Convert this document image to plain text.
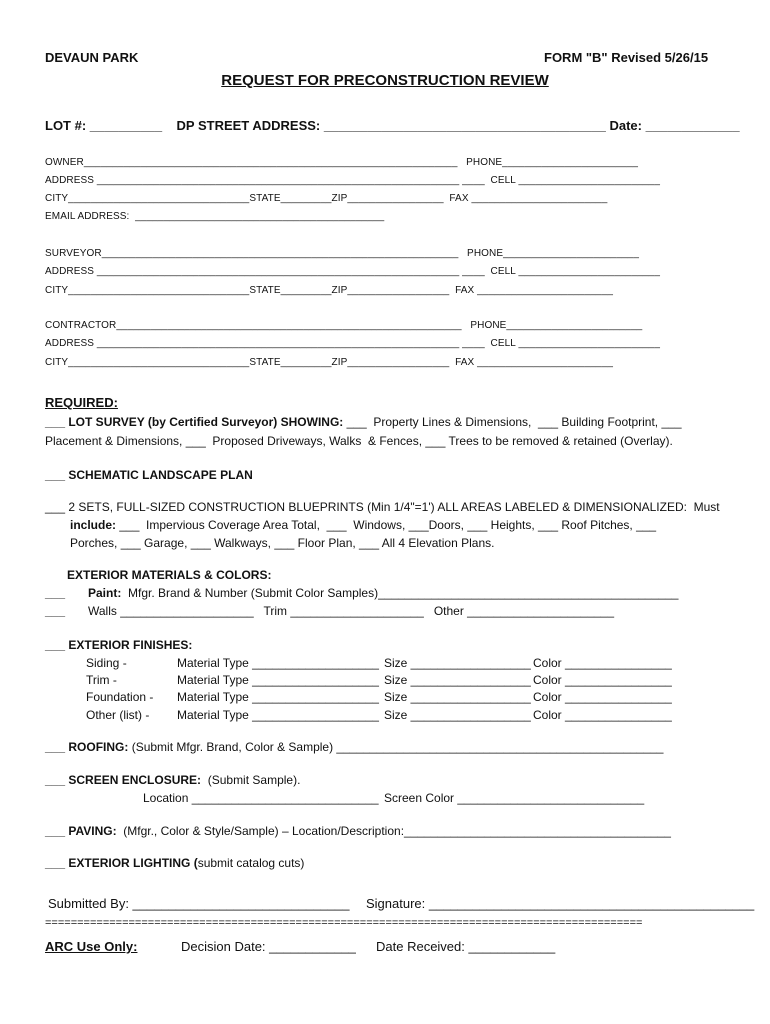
DEVAUN PARK	FORM "B" Revised 5/26/15
REQUEST FOR PRECONSTRUCTION REVIEW
LOT #: __________    DP STREET ADDRESS: _______________________________________ Date: _____________
OWNER__________________________________________________________________   PHONE________________________
ADDRESS ________________________________________________________________ ____  CELL _________________________
CITY________________________________STATE_________ZIP_________________  FAX ________________________
EMAIL ADDRESS:  ____________________________________________
SURVEYOR_______________________________________________________________   PHONE________________________
ADDRESS ________________________________________________________________ ____  CELL _________________________
CITY________________________________STATE_________ZIP__________________  FAX ________________________
CONTRACTOR_____________________________________________________________   PHONE________________________
ADDRESS ________________________________________________________________ ____  CELL _________________________
CITY________________________________STATE_________ZIP__________________  FAX ________________________
REQUIRED:
___ LOT SURVEY (by Certified Surveyor) SHOWING: ___  Property Lines & Dimensions,  ___ Building Footprint, ___
Placement & Dimensions, ___  Proposed Driveways, Walks  & Fences, ___ Trees to be removed & retained (Overlay).
___ SCHEMATIC LANDSCAPE PLAN
___ 2 SETS, FULL-SIZED CONSTRUCTION BLUEPRINTS (Min 1/4"=1') ALL AREAS LABELED & DIMENSIONALIZED:  Must
include: ___  Impervious Coverage Area Total,  ___  Windows, ___Doors, ___ Heights, ___ Roof Pitches, ___
Porches, ___ Garage, ___ Walkways, ___ Floor Plan, ___ All 4 Elevation Plans.
EXTERIOR MATERIALS & COLORS:
___ Paint:  Mfgr. Brand & Number (Submit Color Samples)_____________________________________________
___ Walls ____________________   Trim ____________________   Other ______________________
___ EXTERIOR FINISHES:
Siding -	Material Type ___________________ Size __________________ Color ________________
Trim -	Material Type ___________________ Size __________________ Color ________________
Foundation - Material Type ___________________ Size __________________ Color ________________
Other (list) - Material Type ___________________ Size __________________ Color ________________
___ ROOFING: (Submit Mfgr. Brand, Color & Sample) _________________________________________________
___ SCREEN ENCLOSURE:  (Submit Sample).
Location ____________________________ Screen Color ____________________________
___ PAVING:  (Mfgr., Color & Style/Sample) – Location/Description:________________________________________
___ EXTERIOR LIGHTING (submit catalog cuts)
Submitted By: ______________________________ Signature: _____________________________________________
=============================================================================================
ARC Use Only:	Decision Date: ____________ Date Received: ____________
